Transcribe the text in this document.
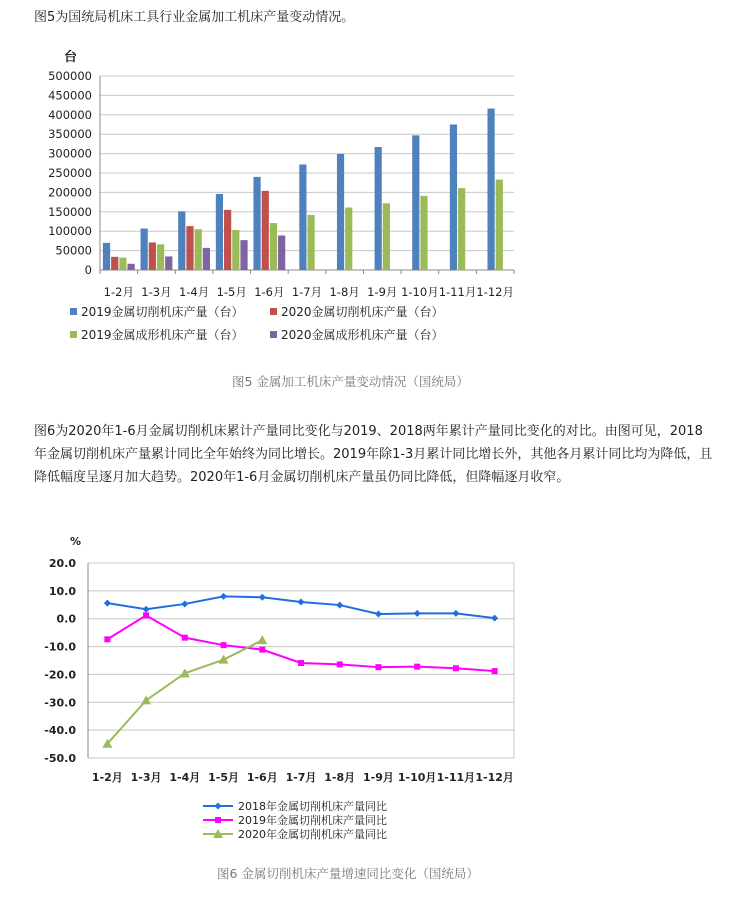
图5为国统局机床工具行业金属加工机床产量变动情况。

0
50000
100000
150000
200000
250000
300000
350000
400000
450000
500000
台
1-2月 1-3月 1-4月 1-5月 1-6月 1-7月 1-8月 1-9月 1-10月 1-11月 1-12月
2019金属切削机床产量（台）	2020金属切削机床产量（台）
2019金属成形机床产量（台）	2020金属成形机床产量（台）

图5 金属加工机床产量变动情况（国统局）

图6为2020年1-6月金属切削机床累计产量同比变化与2019、2018两年累计产量同比变化的对比。由图可见，2018年金属切削机床产量累计同比全年始终为同比增长。2019年除1-3月累计同比增长外，其他各月累计同比均为降低，且降低幅度呈逐月加大趋势。2020年1-6月金属切削机床产量虽仍同比降低，但降幅逐月收窄。

20.0
10.0
0.0
-10.0
-20.0
-30.0
-40.0
-50.0
%
1-2月 1-3月 1-4月 1-5月 1-6月 1-7月 1-8月 1-9月 1-10月 1-11月 1-12月
2018年金属切削机床产量同比
2019年金属切削机床产量同比
2020年金属切削机床产量同比

图6 金属切削机床产量增速同比变化（国统局）
